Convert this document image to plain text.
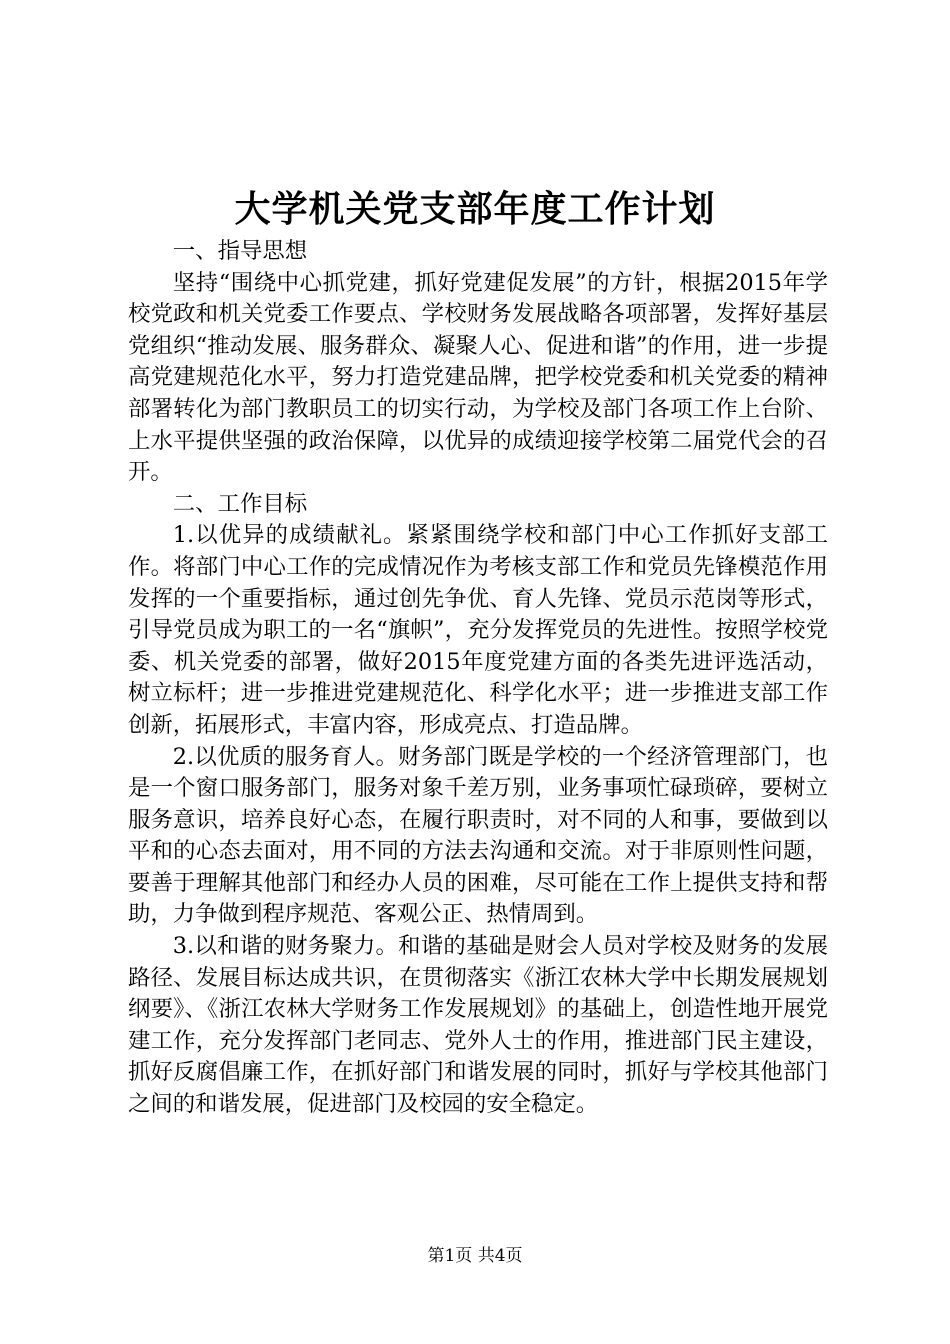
大学机关党支部年度工作计划

一、指导思想

坚持“围绕中心抓党建，抓好党建促发展”的方针，根据2015年学校党政和机关党委工作要点、学校财务发展战略各项部署，发挥好基层党组织“推动发展、服务群众、凝聚人心、促进和谐”的作用，进一步提高党建规范化水平，努力打造党建品牌，把学校党委和机关党委的精神部署转化为部门教职员工的切实行动，为学校及部门各项工作上台阶、上水平提供坚强的政治保障，以优异的成绩迎接学校第二届党代会的召开。

二、工作目标

1.以优异的成绩献礼。紧紧围绕学校和部门中心工作抓好支部工作。将部门中心工作的完成情况作为考核支部工作和党员先锋模范作用发挥的一个重要指标，通过创先争优、育人先锋、党员示范岗等形式，引导党员成为职工的一名“旗帜”，充分发挥党员的先进性。按照学校党委、机关党委的部署，做好2015年度党建方面的各类先进评选活动，树立标杆；进一步推进党建规范化、科学化水平；进一步推进支部工作创新，拓展形式，丰富内容，形成亮点、打造品牌。

2.以优质的服务育人。财务部门既是学校的一个经济管理部门，也是一个窗口服务部门，服务对象千差万别，业务事项忙碌琐碎，要树立服务意识，培养良好心态，在履行职责时，对不同的人和事，要做到以平和的心态去面对，用不同的方法去沟通和交流。对于非原则性问题，要善于理解其他部门和经办人员的困难，尽可能在工作上提供支持和帮助，力争做到程序规范、客观公正、热情周到。

3.以和谐的财务聚力。和谐的基础是财会人员对学校及财务的发展路径、发展目标达成共识，在贯彻落实《浙江农林大学中长期发展规划纲要》、《浙江农林大学财务工作发展规划》的基础上，创造性地开展党建工作，充分发挥部门老同志、党外人士的作用，推进部门民主建设，抓好反腐倡廉工作，在抓好部门和谐发展的同时，抓好与学校其他部门之间的和谐发展，促进部门及校园的安全稳定。

第1页 共4页
